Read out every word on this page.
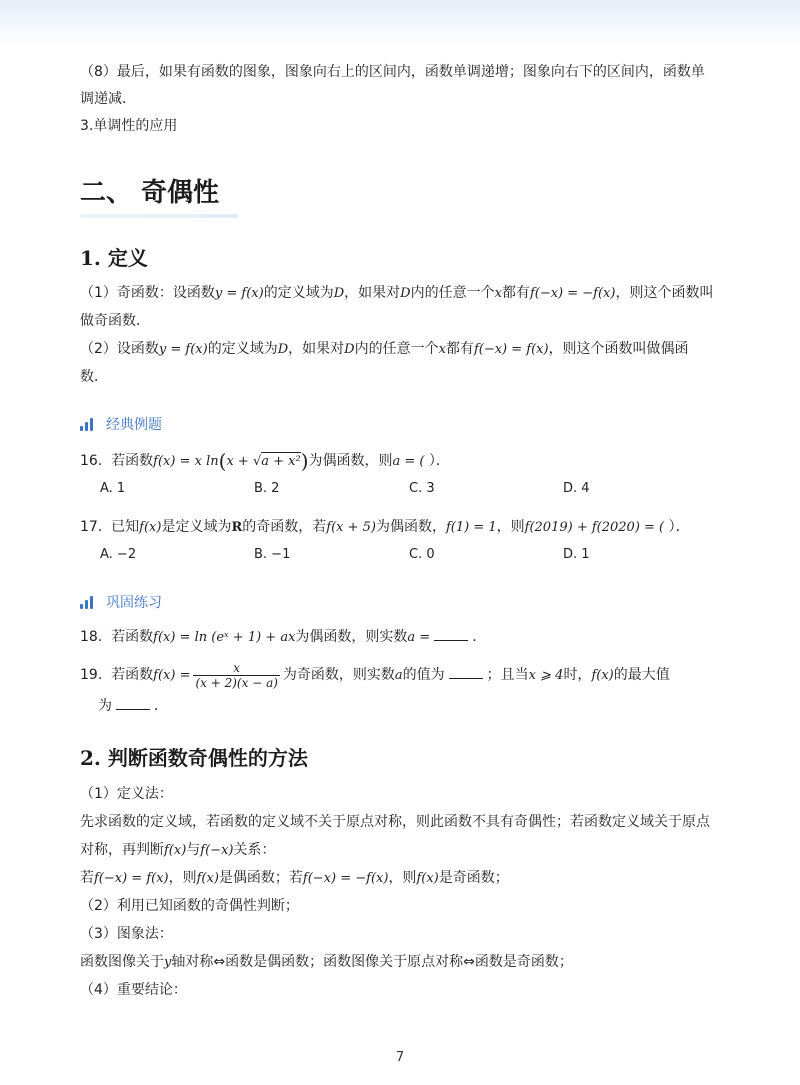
（8）最后，如果有函数的图象，图象向右上的区间内，函数单调递增；图象向右下的区间内，函数单
调递减．
3.单调性的应用
二、 奇偶性
1. 定义
（1）奇函数：设函数y = f(x)的定义域为D，如果对D内的任意一个x都有f(−x) = −f(x)，则这个函数叫
做奇函数．
（2）设函数y = f(x)的定义域为D，如果对D内的任意一个x都有f(−x) = f(x)，则这个函数叫做偶函
数．
经典例题
16. 若函数f(x) = x ln(x + √a + x²)为偶函数，则a = ( ）．
A. 1	B. 2	C. 3	D. 4
17. 已知f(x)是定义域为R的奇函数，若f(x + 5)为偶函数，f(1) = 1，则f(2019) + f(2020) = ( ）．
A. −2	B. −1	C. 0	D. 1
巩固练习
18. 若函数f(x) = ln (eˣ + 1) + ax为偶函数，则实数a =	．
19. 若函数$f(x) = \frac{x}{(x + 2)(x - a)}$ 为奇函数，则实数a的值为	；且当x ⩾ 4时，f(x)的最大值
为	．
2. 判断函数奇偶性的方法
（1）定义法：
先求函数的定义域，若函数的定义域不关于原点对称，则此函数不具有奇偶性；若函数定义域关于原点
对称，再判断f(x)与f(−x)关系：
若f(−x) = f(x)，则f(x)是偶函数；若f(−x) = −f(x)，则f(x)是奇函数；
（2）利用已知函数的奇偶性判断；
（3）图象法：
函数图像关于y轴对称⇔函数是偶函数；函数图像关于原点对称⇔函数是奇函数；
（4）重要结论：
7
